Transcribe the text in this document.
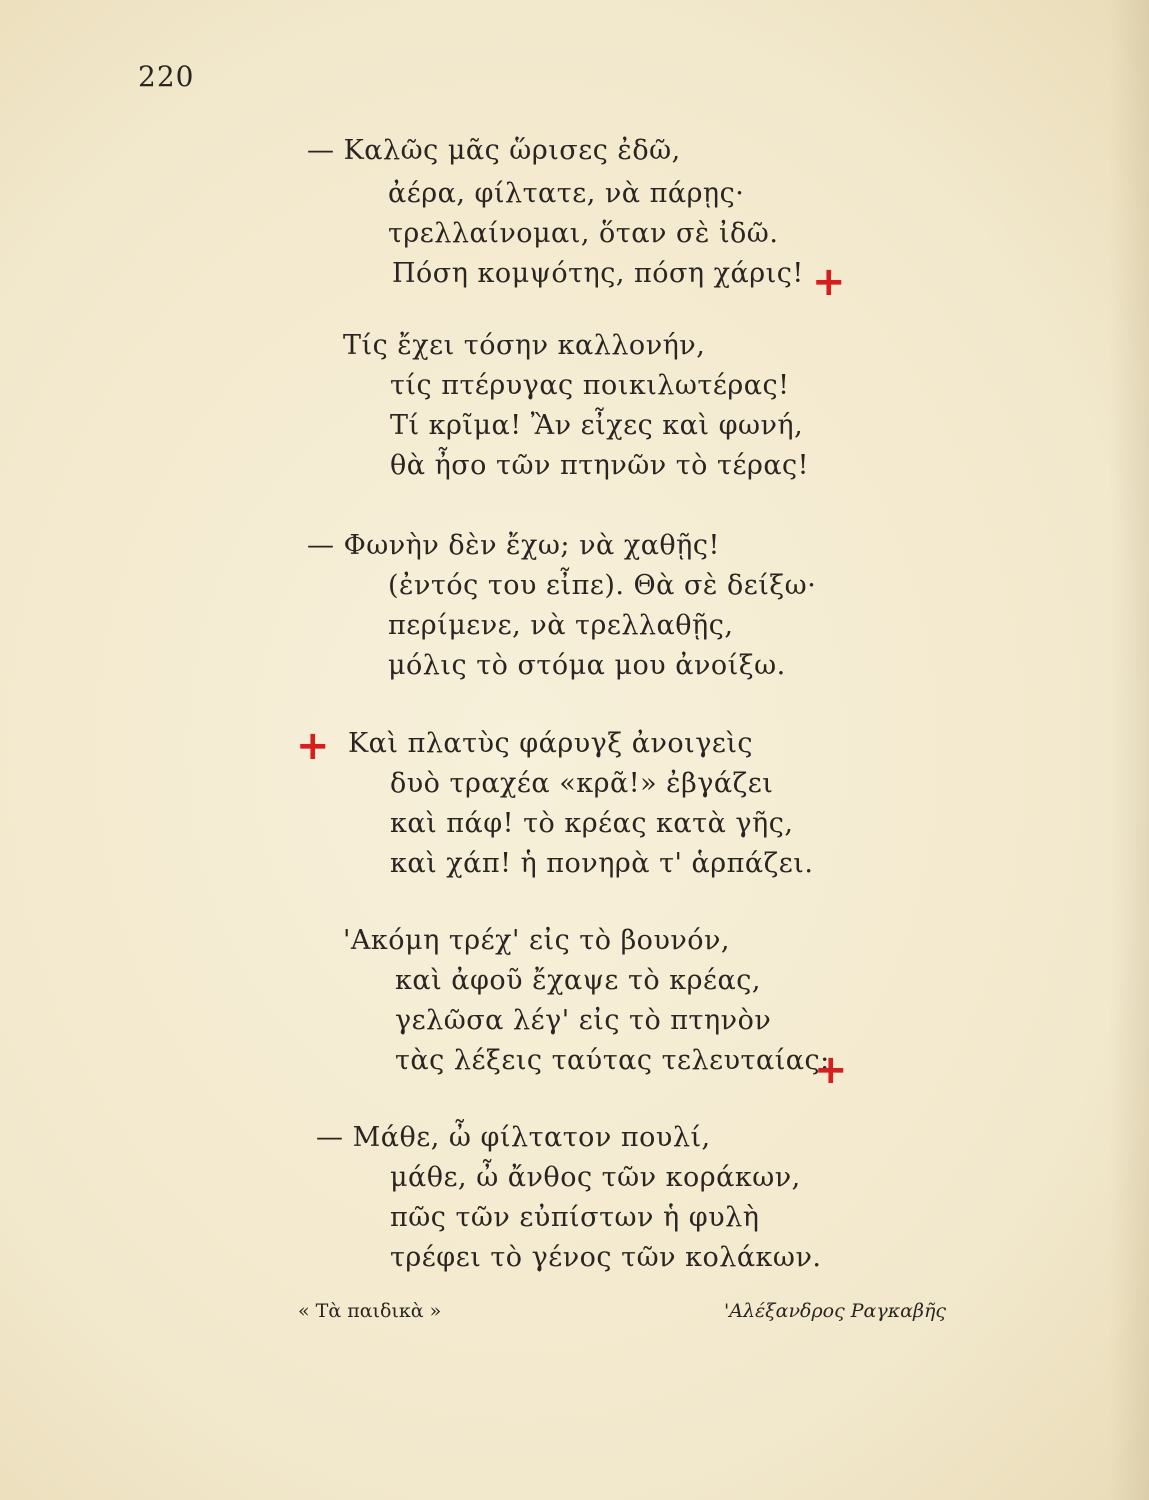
220
— Καλῶς μᾶς ὥρισες ἐδῶ,
ἀέρα, φίλτατε, νὰ πάρῃς·
τρελλαίνομαι, ὅταν σὲ ἰδῶ.
Πόση κομψότης, πόση χάρις!
Τίς ἔχει τόσην καλλονήν,
τίς πτέρυγας ποικιλωτέρας!
Τί κρῖμα! Ἂν εἶχες καὶ φωνή,
θὰ ἦσο τῶν πτηνῶν τὸ τέρας!
— Φωνὴν δὲν ἔχω; νὰ χαθῇς!
(ἐντός του εἶπε). Θὰ σὲ δείξω·
περίμενε, νὰ τρελλαθῇς,
μόλις τὸ στόμα μου ἀνοίξω.
Καὶ πλατὺς φάρυγξ ἀνοιγεὶς
δυὸ τραχέα «κρᾶ!» ἐβγάζει
καὶ πάφ! τὸ κρέας κατὰ γῆς,
καὶ χάπ! ἡ πονηρὰ τ' ἁρπάζει.
'Ακόμη τρέχ' εἰς τὸ βουνόν,
καὶ ἀφοῦ ἔχαψε τὸ κρέας,
γελῶσα λέγ' εἰς τὸ πτηνὸν
τὰς λέξεις ταύτας τελευταίας:
— Μάθε, ὦ φίλτατον πουλί,
μάθε, ὦ ἄνθος τῶν κοράκων,
πῶς τῶν εὐπίστων ἡ φυλὴ
τρέφει τὸ γένος τῶν κολάκων.
« Τὰ παιδικὰ »	'Αλέξανδρος Ραγκαβῆς
+
+
+
